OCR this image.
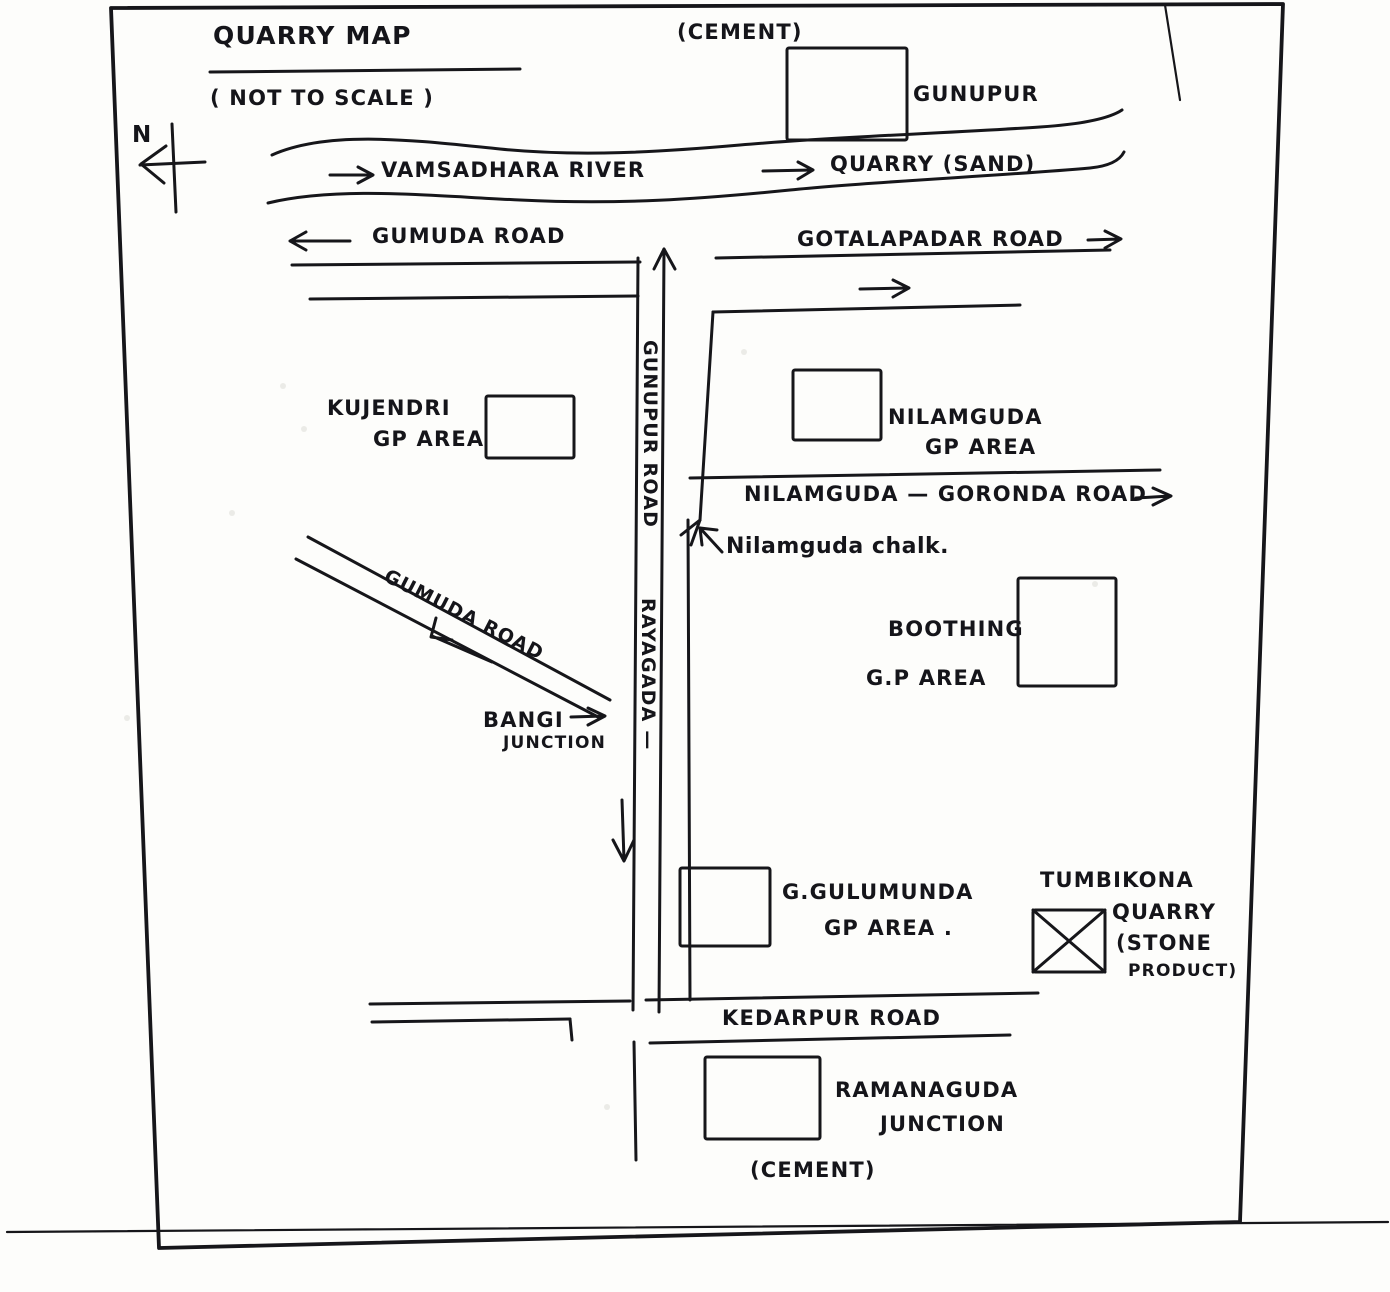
QUARRY MAP
( NOT TO SCALE )
N
(CEMENT)
GUNUPUR
VAMSADHARA RIVER	QUARRY (SAND)
GUMUDA ROAD	GOTALAPADAR ROAD
KUJENDRI
GP AREA
NILAMGUDA
GP AREA
NILAMGUDA — GORONDA ROAD
Nilamguda chalk.
GUNUPUR ROAD
RAYAGADA —
GUMUDA ROAD
BANGI
JUNCTION
BOOTHING
G.P AREA
G.GULUMUNDA
GP AREA .
TUMBIKONA
QUARRY
(STONE
PRODUCT)
KEDARPUR ROAD
RAMANAGUDA
JUNCTION
(CEMENT)
